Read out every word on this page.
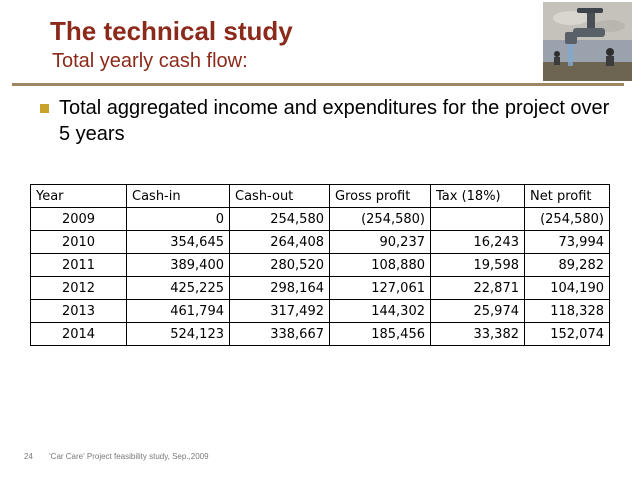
The technical study
Total yearly cash flow:
Total aggregated income and expenditures for the project over 5 years
Year	Cash-in	Cash-out	Gross profit	Tax (18%)	Net profit
2009	0	254,580	(254,580)		(254,580)
2010	354,645	264,408	90,237	16,243	73,994
2011	389,400	280,520	108,880	19,598	89,282
2012	425,225	298,164	127,061	22,871	104,190
2013	461,794	317,492	144,302	25,974	118,328
2014	524,123	338,667	185,456	33,382	152,074
24 'Car Care' Project feasibility study, Sep.,2009
